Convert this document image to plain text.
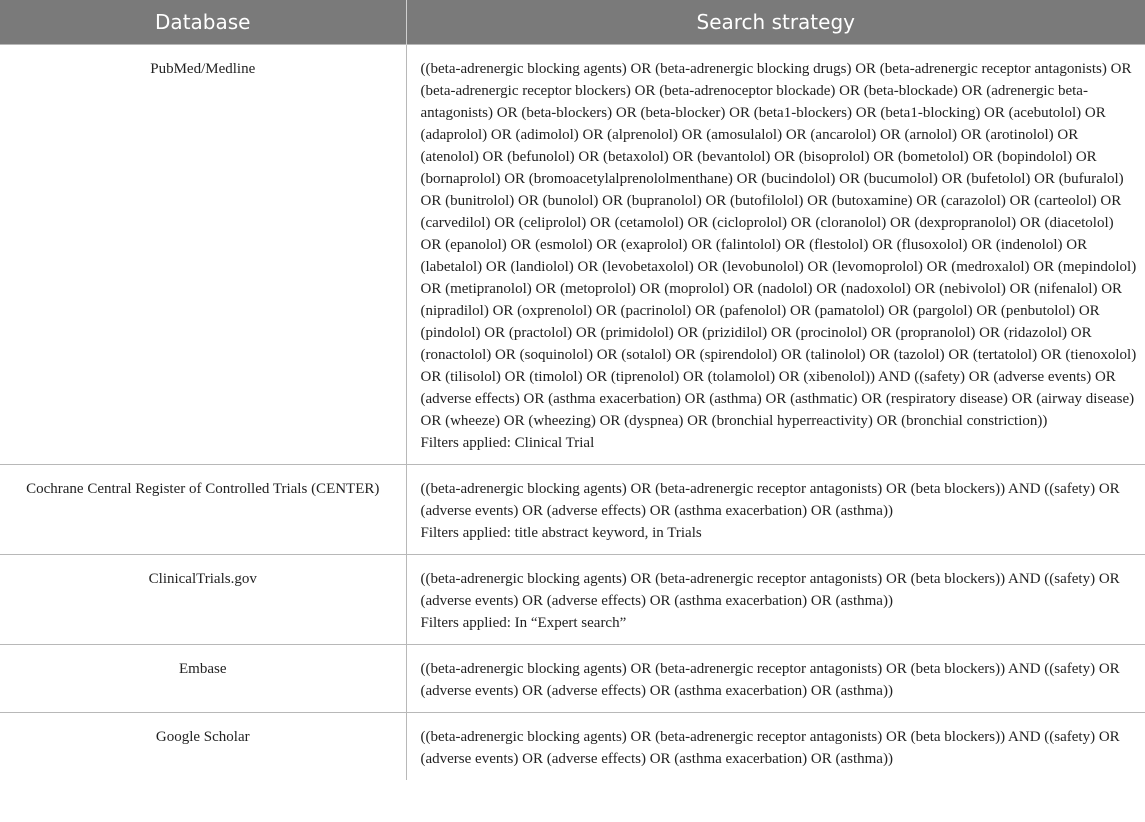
Database	Search strategy
PubMed/Medline	((beta-adrenergic blocking agents) OR (beta-adrenergic blocking drugs) OR (beta-adrenergic receptor antagonists) OR (beta-adrenergic receptor blockers) OR (beta-adrenoceptor blockade) OR (beta-blockade) OR (adrenergic beta-antagonists) OR (beta-blockers) OR (beta-blocker) OR (beta1-blockers) OR (beta1-blocking) OR (acebutolol) OR (adaprolol) OR (adimolol) OR (alprenolol) OR (amosulalol) OR (ancarolol) OR (arnolol) OR (arotinolol) OR (atenolol) OR (befunolol) OR (betaxolol) OR (bevantolol) OR (bisoprolol) OR (bometolol) OR (bopindolol) OR (bornaprolol) OR (bromoacetylalprenololmenthane) OR (bucindolol) OR (bucumolol) OR (bufetolol) OR (bufuralol) OR (bunitrolol) OR (bunolol) OR (bupranolol) OR (butofilolol) OR (butoxamine) OR (carazolol) OR (carteolol) OR (carvedilol) OR (celiprolol) OR (cetamolol) OR (cicloprolol) OR (cloranolol) OR (dexpropranolol) OR (diacetolol) OR (epanolol) OR (esmolol) OR (exaprolol) OR (falintolol) OR (flestolol) OR (flusoxolol) OR (indenolol) OR (labetalol) OR (landiolol) OR (levobetaxolol) OR (levobunolol) OR (levomoprolol) OR (medroxalol) OR (mepindolol) OR (metipranolol) OR (metoprolol) OR (moprolol) OR (nadolol) OR (nadoxolol) OR (nebivolol) OR (nifenalol) OR (nipradilol) OR (oxprenolol) OR (pacrinolol) OR (pafenolol) OR (pamatolol) OR (pargolol) OR (penbutolol) OR (pindolol) OR (practolol) OR (primidolol) OR (prizidilol) OR (procinolol) OR (propranolol) OR (ridazolol) OR (ronactolol) OR (soquinolol) OR (sotalol) OR (spirendolol) OR (talinolol) OR (tazolol) OR (tertatolol) OR (tienoxolol) OR (tilisolol) OR (timolol) OR (tiprenolol) OR (tolamolol) OR (xibenolol)) AND ((safety) OR (adverse events) OR (adverse effects) OR (asthma exacerbation) OR (asthma) OR (asthmatic) OR (respiratory disease) OR (airway disease) OR (wheeze) OR (wheezing) OR (dyspnea) OR (bronchial hyperreactivity) OR (bronchial constriction))
Filters applied: Clinical Trial

Cochrane Central Register of Controlled Trials (CENTER)	((beta-adrenergic blocking agents) OR (beta-adrenergic receptor antagonists) OR (beta blockers)) AND ((safety) OR (adverse events) OR (adverse effects) OR (asthma exacerbation) OR (asthma))
Filters applied: title abstract keyword, in Trials

ClinicalTrials.gov	((beta-adrenergic blocking agents) OR (beta-adrenergic receptor antagonists) OR (beta blockers)) AND ((safety) OR (adverse events) OR (adverse effects) OR (asthma exacerbation) OR (asthma))
Filters applied: In “Expert search”

Embase	((beta-adrenergic blocking agents) OR (beta-adrenergic receptor antagonists) OR (beta blockers)) AND ((safety) OR (adverse events) OR (adverse effects) OR (asthma exacerbation) OR (asthma))

Google Scholar	((beta-adrenergic blocking agents) OR (beta-adrenergic receptor antagonists) OR (beta blockers)) AND ((safety) OR (adverse events) OR (adverse effects) OR (asthma exacerbation) OR (asthma))
